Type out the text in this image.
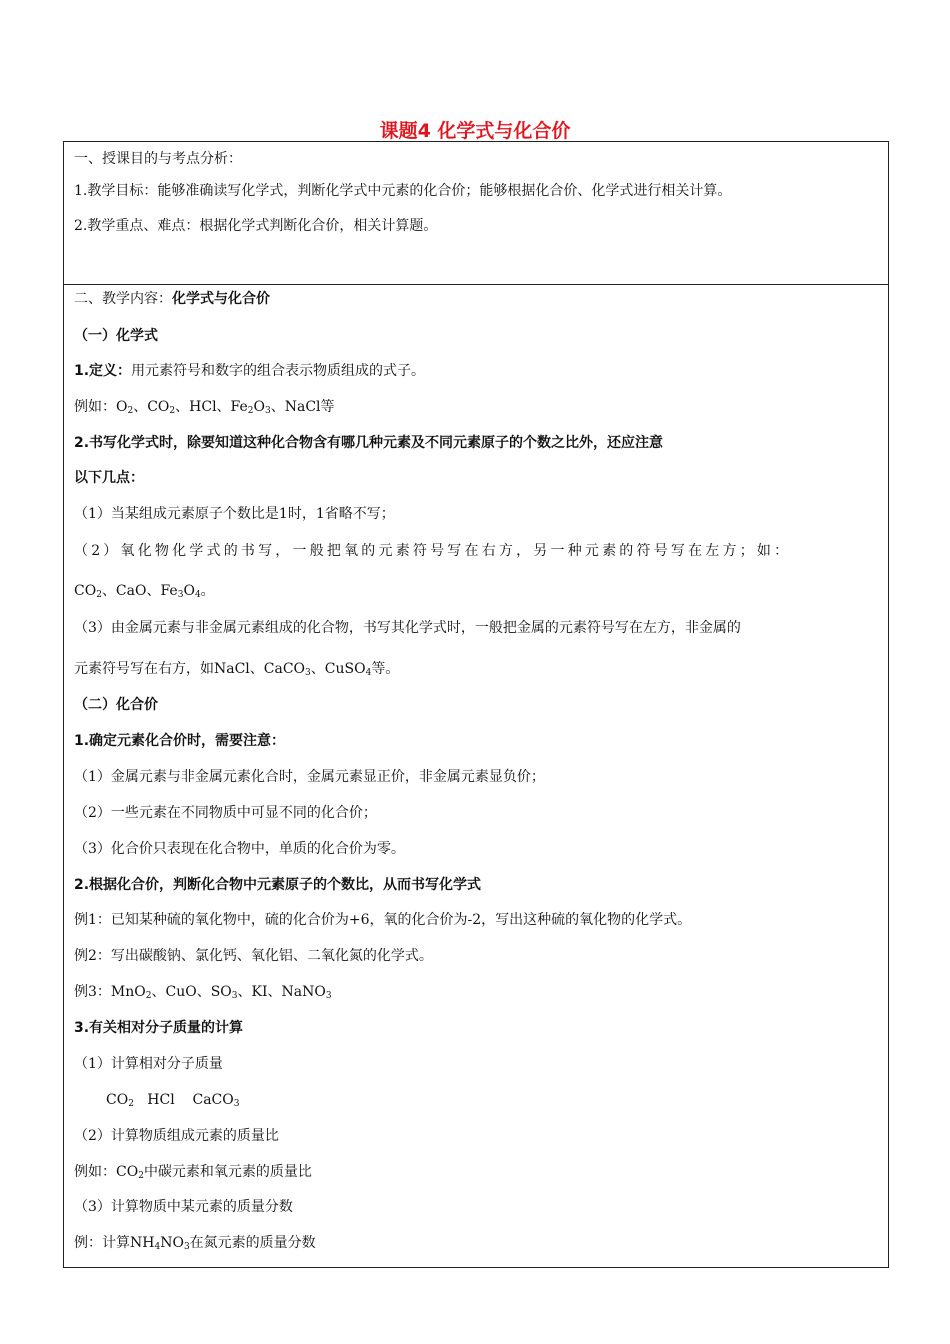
课题4 化学式与化合价
一、授课目的与考点分析：
1.教学目标：能够准确读写化学式，判断化学式中元素的化合价；能够根据化合价、化学式进行相关计算。
2.教学重点、难点：根据化学式判断化合价，相关计算题。
二、教学内容：化学式与化合价
（一）化学式
1.定义：用元素符号和数字的组合表示物质组成的式子。
例如：$O_2$、$CO_2$、HCl、$Fe_2O_3$、NaCl等
2.书写化学式时，除要知道这种化合物含有哪几种元素及不同元素原子的个数之比外，还应注意
以下几点：
（1）当某组成元素原子个数比是1时，1省略不写；
（2）氧化物化学式的书写，一般把氧的元素符号写在右方，另一种元素的符号写在左方；如：
$CO_2$、CaO、$Fe_3O_4$。
（3）由金属元素与非金属元素组成的化合物，书写其化学式时，一般把金属的元素符号写在左方，非金属的
元素符号写在右方，如NaCl、CaCO$_3$、CuSO$_4$等。
（二）化合价
1.确定元素化合价时，需要注意：
（1）金属元素与非金属元素化合时，金属元素显正价，非金属元素显负价；
（2）一些元素在不同物质中可显不同的化合价；
（3）化合价只表现在化合物中，单质的化合价为零。
2.根据化合价，判断化合物中元素原子的个数比，从而书写化学式
例1：已知某种硫的氧化物中，硫的化合价为+6，氧的化合价为-2，写出这种硫的氧化物的化学式。
例2：写出碳酸钠、氯化钙、氧化铝、二氧化氮的化学式。
例3：MnO$_2$、CuO、$SO_3$、KI、NaNO$_3$
3.有关相对分子质量的计算
（1）计算相对分子质量
$CO_2$   HCl    CaCO$_3$
（2）计算物质组成元素的质量比
例如：$CO_2$中碳元素和氧元素的质量比
（3）计算物质中某元素的质量分数
例：计算$NH_4NO_3$在氮元素的质量分数
